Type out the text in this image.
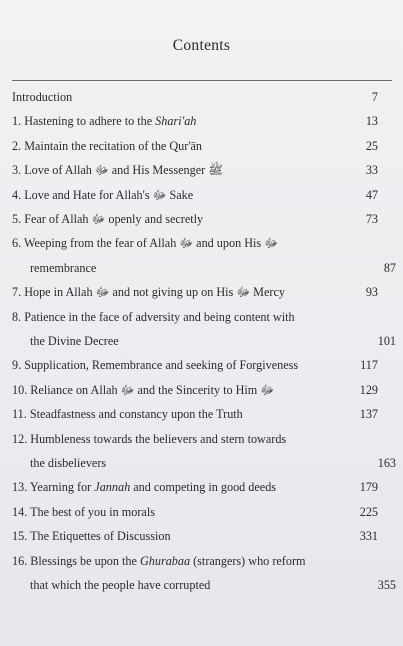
Contents
Introduction	7
1. Hastening to adhere to the Shari'ah	13
2. Maintain the recitation of the Qur'ān	25
3. Love of Allah ﷻ and His Messenger ﷺ	33
4. Love and Hate for Allah's ﷻ Sake	47
5. Fear of Allah ﷻ openly and secretly	73
6. Weeping from the fear of Allah ﷻ and upon His ﷻ
remembrance	87
7. Hope in Allah ﷻ and not giving up on His ﷻ Mercy	93
8. Patience in the face of adversity and being content with
the Divine Decree	101
9. Supplication, Remembrance and seeking of Forgiveness	117
10. Reliance on Allah ﷻ and the Sincerity to Him ﷻ	129
11. Steadfastness and constancy upon the Truth	137
12. Humbleness towards the believers and stern towards
the disbelievers	163
13. Yearning for Jannah and competing in good deeds	179
14. The best of you in morals	225
15. The Etiquettes of Discussion	331
16. Blessings be upon the Ghurabaa (strangers) who reform
that which the people have corrupted	355
